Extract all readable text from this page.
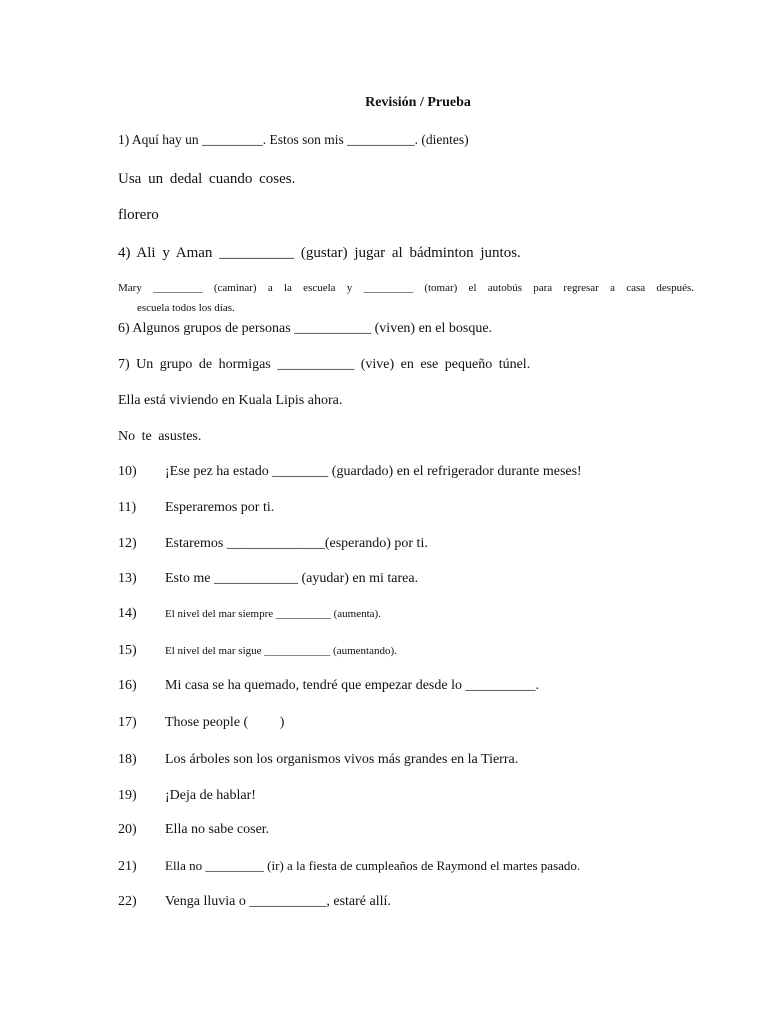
Revisión / Prueba
1) Aquí hay un _________. Estos son mis __________. (dientes)
Usa un dedal cuando coses.
florero
4) Ali y Aman __________ (gustar) jugar al bádminton juntos.
Mary _________ (caminar) a la escuela y _________ (tomar) el autobús para regresar a casa después.
escuela todos los días.
6) Algunos grupos de personas ___________ (viven) en el bosque.
7) Un grupo de hormigas ___________ (vive) en ese pequeño túnel.
Ella está viviendo en Kuala Lipis ahora.
No te asustes.
10) ¡Ese pez ha estado ________ (guardado) en el refrigerador durante meses!
11) Esperaremos por ti.
12) Estaremos ______________(esperando) por ti.
13) Esto me ____________ (ayudar) en mi tarea.
14)	El nivel del mar siempre __________ (aumenta).
15)	El nivel del mar sigue ____________ (aumentando).
16) Mi casa se ha quemado, tendré que empezar desde lo __________.
17) Those people (         )
18) Los árboles son los organismos vivos más grandes en la Tierra.
19) ¡Deja de hablar!
20) Ella no sabe coser.
21) Ella no _________ (ir) a la fiesta de cumpleaños de Raymond el martes pasado.
22) Venga lluvia o ___________, estaré allí.
